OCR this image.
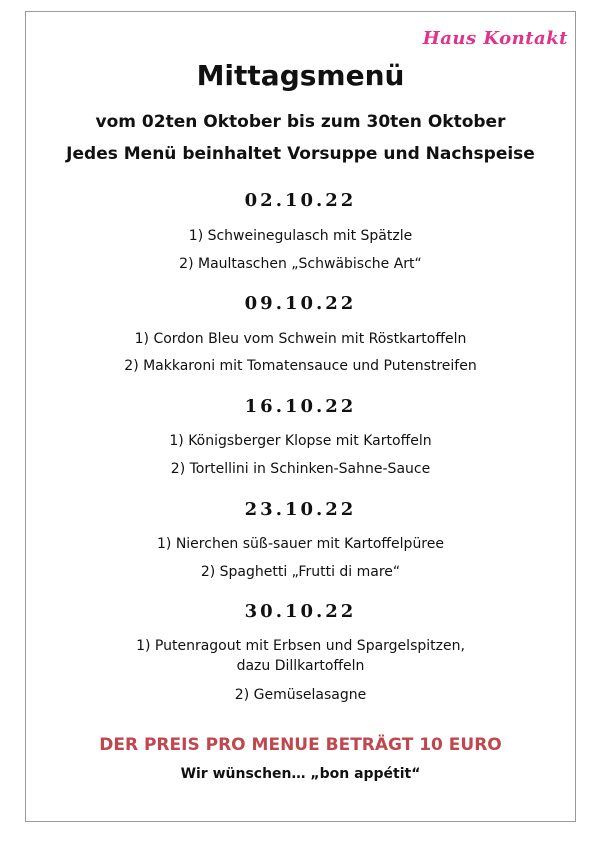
Haus Kontakt
Mittagsmenü
vom 02ten Oktober bis zum 30ten Oktober
Jedes Menü beinhaltet Vorsuppe und Nachspeise
02.10.22
1) Schweinegulasch mit Spätzle
2) Maultaschen „Schwäbische Art“
09.10.22
1) Cordon Bleu vom Schwein mit Röstkartoffeln
2) Makkaroni mit Tomatensauce und Putenstreifen
16.10.22
1) Königsberger Klopse mit Kartoffeln
2) Tortellini in Schinken-Sahne-Sauce
23.10.22
1) Nierchen süß-sauer mit Kartoffelpüree
2) Spaghetti „Frutti di mare“
30.10.22
1) Putenragout mit Erbsen und Spargelspitzen,
dazu Dillkartoffeln
2) Gemüselasagne
DER PREIS PRO MENUE BETRÄGT 10 EURO
Wir wünschen… „bon appétit“
